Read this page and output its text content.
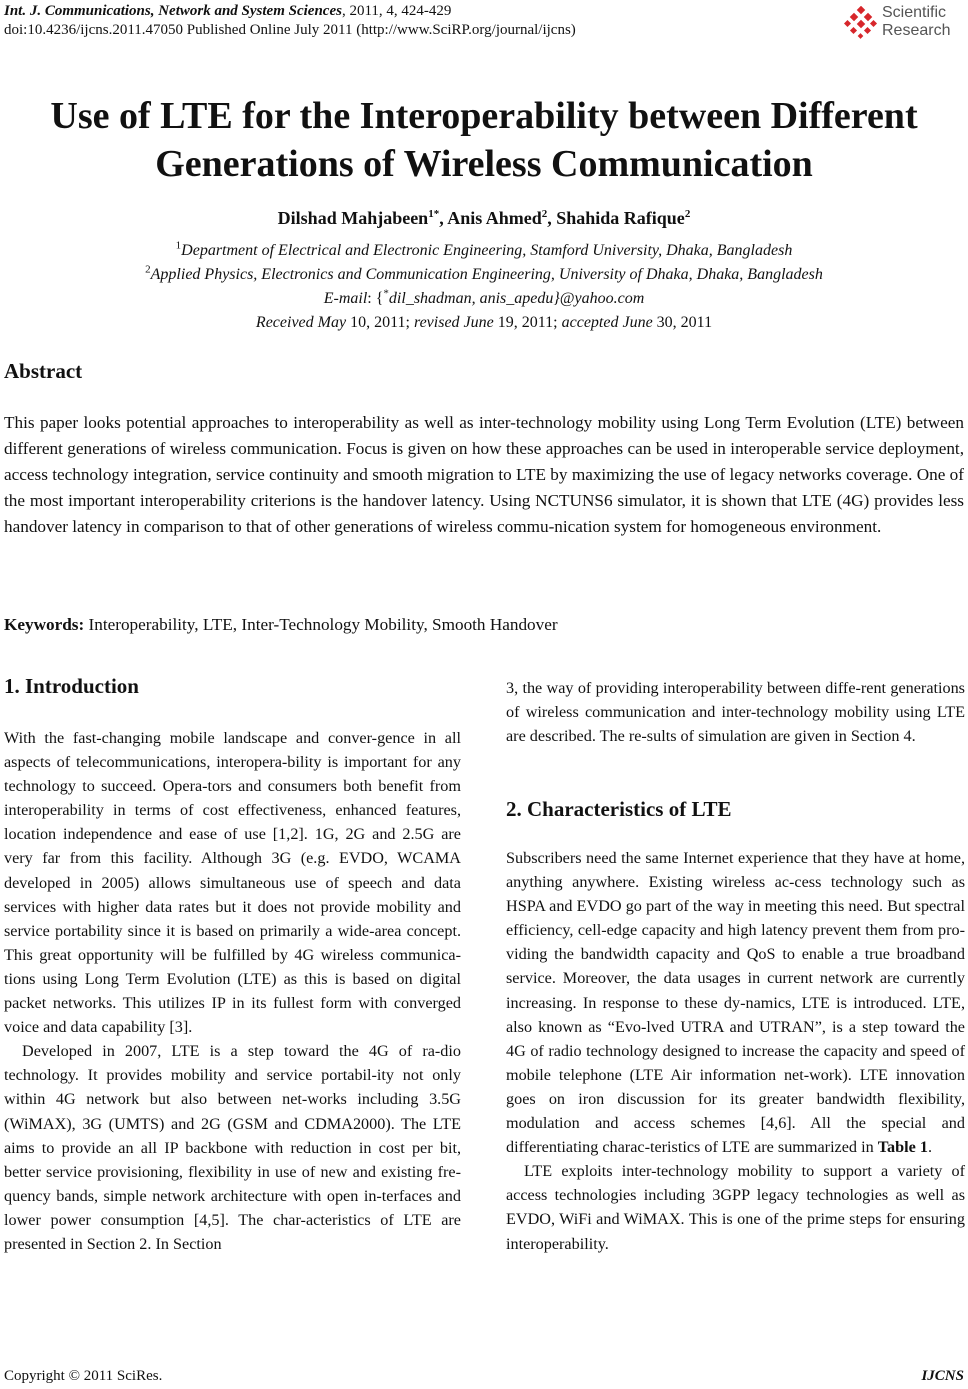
Int. J. Communications, Network and System Sciences, 2011, 4, 424-429
doi:10.4236/ijcns.2011.47050 Published Online July 2011 (http://www.SciRP.org/journal/ijcns)
Scientific
Research
Use of LTE for the Interoperability between Different
Generations of Wireless Communication
Dilshad Mahjabeen$^{1*}$, Anis Ahmed$^2$, Shahida Rafique$^2$
$^1$Department of Electrical and Electronic Engineering, Stamford University, Dhaka, Bangladesh
$^2$Applied Physics, Electronics and Communication Engineering, University of Dhaka, Dhaka, Bangladesh
E-mail: {*dil_shadman, anis_apedu}@yahoo.com
Received May 10, 2011; revised June 19, 2011; accepted June 30, 2011
Abstract
This paper looks potential approaches to interoperability as well as inter-technology mobility using Long Term Evolution (LTE) between different generations of wireless communication. Focus is given on how these approaches can be used in interoperable service deployment, access technology integration, service continuity and smooth migration to LTE by maximizing the use of legacy networks coverage. One of the most important interoperability criterions is the handover latency. Using NCTUNS6 simulator, it is shown that LTE (4G) provides less handover latency in comparison to that of other generations of wireless commu-nication system for homogeneous environment.
Keywords: Interoperability, LTE, Inter-Technology Mobility, Smooth Handover
1. Introduction

With the fast-changing mobile landscape and conver-gence in all aspects of telecommunications, interopera-bility is important for any technology to succeed. Opera-tors and consumers both benefit from interoperability in terms of cost effectiveness, enhanced features, location independence and ease of use [1,2]. 1G, 2G and 2.5G are very far from this facility. Although 3G (e.g. EVDO, WCAMA developed in 2005) allows simultaneous use of speech and data services with higher data rates but it does not provide mobility and service portability since it is based on primarily a wide-area concept. This great opportunity will be fulfilled by 4G wireless communica-tions using Long Term Evolution (LTE) as this is based on digital packet networks. This utilizes IP in its fullest form with converged voice and data capability [3].

Developed in 2007, LTE is a step toward the 4G of ra-dio technology. It provides mobility and service portabil-ity not only within 4G network but also between net-works including 3.5G (WiMAX), 3G (UMTS) and 2G (GSM and CDMA2000). The LTE aims to provide an all IP backbone with reduction in cost per bit, better service provisioning, flexibility in use of new and existing fre-quency bands, simple network architecture with open in-terfaces and lower power consumption [4,5]. The char-acteristics of LTE are presented in Section 2. In Section

3, the way of providing interoperability between diffe-rent generations of wireless communication and inter-technology mobility using LTE are described. The re-sults of simulation are given in Section 4.

2. Characteristics of LTE

Subscribers need the same Internet experience that they have at home, anything anywhere. Existing wireless ac-cess technology such as HSPA and EVDO go part of the way in meeting this need. But spectral efficiency, cell-edge capacity and high latency prevent them from pro-viding the bandwidth capacity and QoS to enable a true broadband service. Moreover, the data usages in current network are currently increasing. In response to these dy-namics, LTE is introduced. LTE, also known as “Evo-lved UTRA and UTRAN”, is a step toward the 4G of radio technology designed to increase the capacity and speed of mobile telephone (LTE Air information net-work). LTE innovation goes on iron discussion for its greater bandwidth flexibility, modulation and access schemes [4,6]. All the special and differentiating charac-teristics of LTE are summarized in Table 1.

LTE exploits inter-technology mobility to support a variety of access technologies including 3GPP legacy technologies as well as EVDO, WiFi and WiMAX. This is one of the prime steps for ensuring interoperability.

Copyright © 2011 SciRes.	IJCNS
